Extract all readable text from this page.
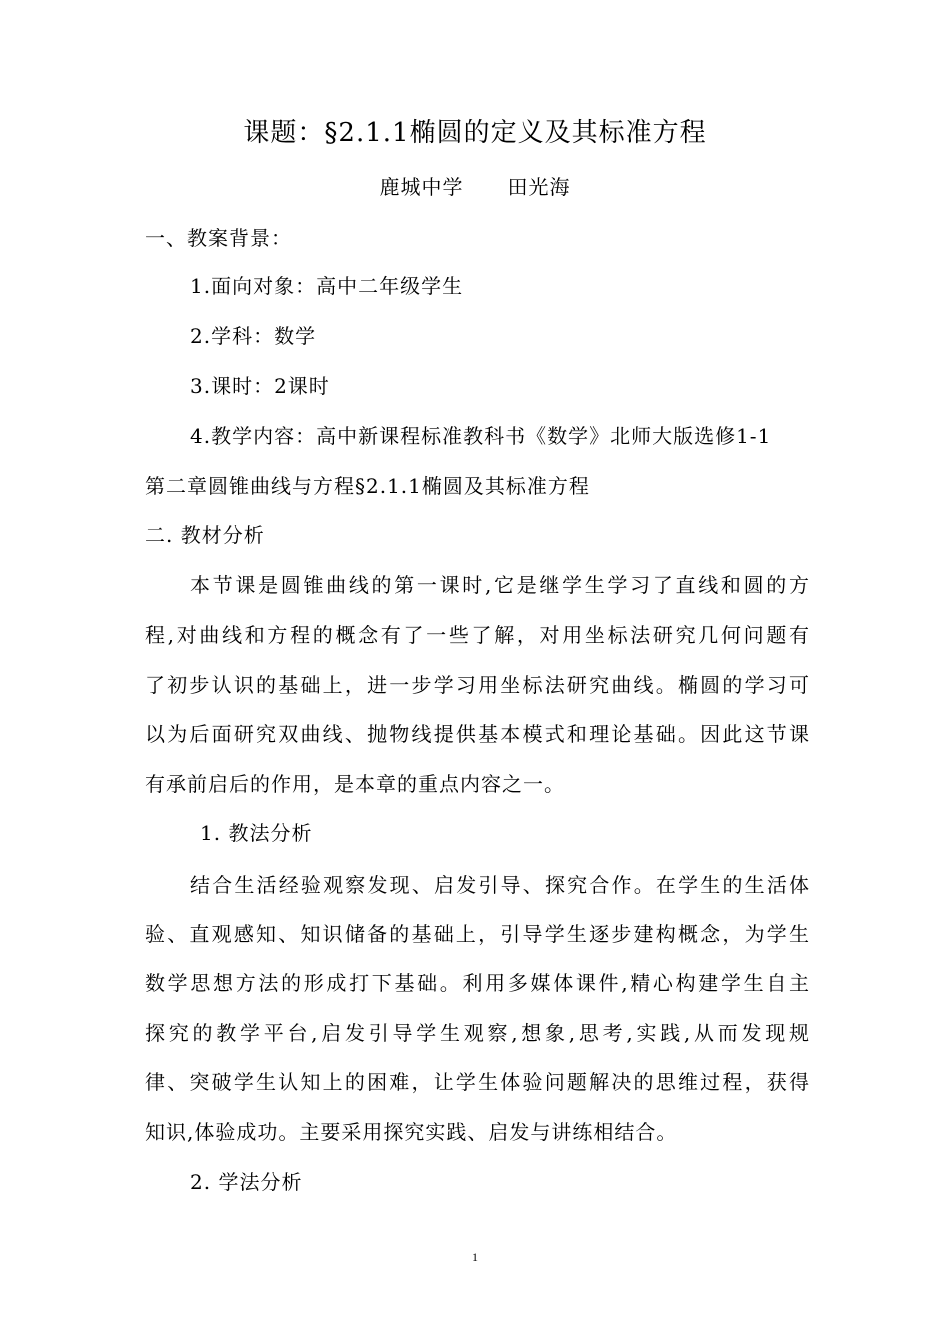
课题：§2.1.1椭圆的定义及其标准方程
鹿城中学 田光海
一、教案背景：
1.面向对象：高中二年级学生
2.学科：数学
3.课时：2课时
4.教学内容：高中新课程标准教科书《数学》北师大版选修1-1
第二章圆锥曲线与方程§2.1.1椭圆及其标准方程
二. 教材分析
本节课是圆锥曲线的第一课时,它是继学生学习了直线和圆的方
程,对曲线和方程的概念有了一些了解，对用坐标法研究几何问题有
了初步认识的基础上，进一步学习用坐标法研究曲线。椭圆的学习可
以为后面研究双曲线、抛物线提供基本模式和理论基础。因此这节课
有承前启后的作用，是本章的重点内容之一。
1. 教法分析
结合生活经验观察发现、启发引导、探究合作。在学生的生活体
验、直观感知、知识储备的基础上，引导学生逐步建构概念，为学生
数学思想方法的形成打下基础。利用多媒体课件,精心构建学生自主
探究的教学平台,启发引导学生观察,想象,思考,实践,从而发现规
律、突破学生认知上的困难，让学生体验问题解决的思维过程，获得
知识,体验成功。主要采用探究实践、启发与讲练相结合。
2. 学法分析
1
